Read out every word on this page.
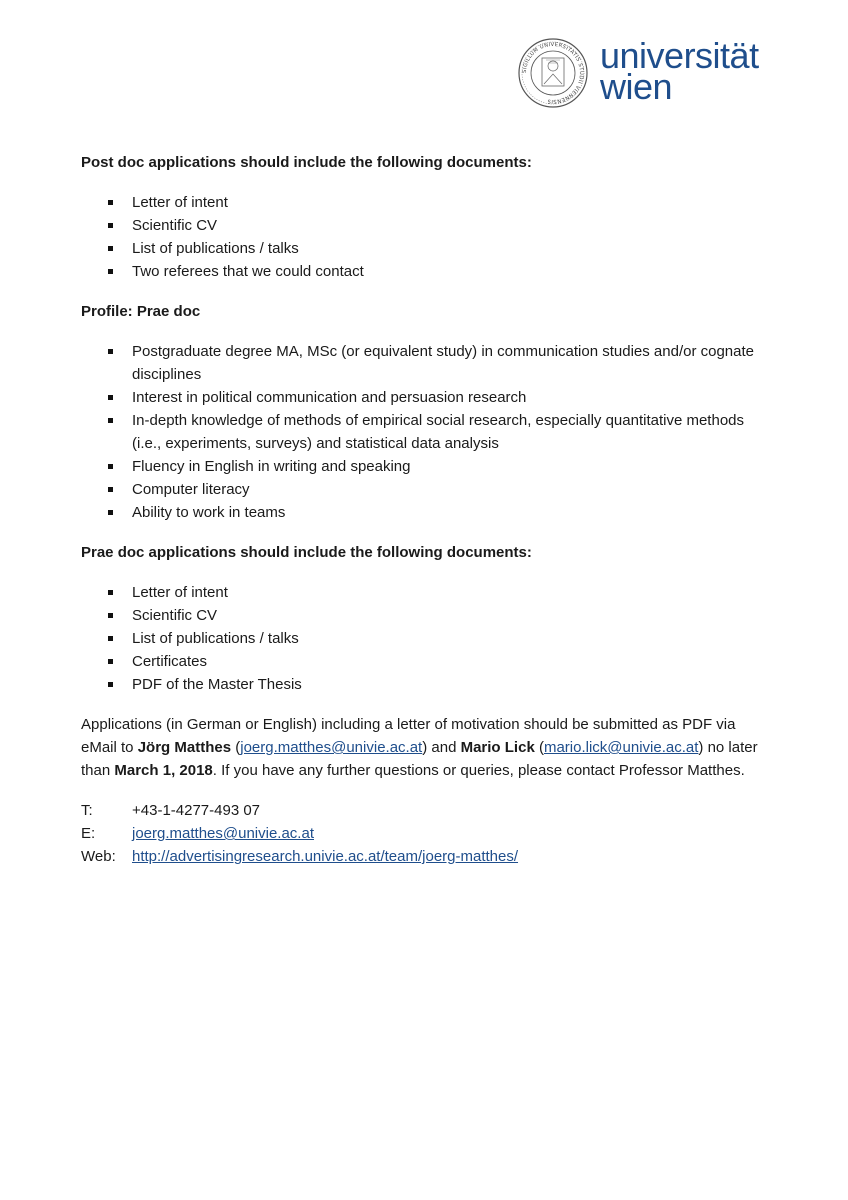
SIGILLUM UNIVERSITATIS STUDII VIENNENSIS
universität
wien
Post doc applications should include the following documents:
Letter of intent
Scientific CV
List of publications / talks
Two referees that we could contact
Profile: Prae doc
Postgraduate degree MA, MSc (or equivalent study) in communication studies and/or cognate disciplines
Interest in political communication and persuasion research
In-depth knowledge of methods of empirical social research, especially quantitative methods (i.e., experiments, surveys) and statistical data analysis
Fluency in English in writing and speaking
Computer literacy
Ability to work in teams
Prae doc applications should include the following documents:
Letter of intent
Scientific CV
List of publications / talks
Certificates
PDF of the Master Thesis

Applications (in German or English) including a letter of motivation should be submitted as PDF via eMail to Jörg Matthes (joerg.matthes@univie.ac.at) and Mario Lick (mario.lick@univie.ac.at) no later than March 1, 2018. If you have any further questions or queries, please contact Professor Matthes.

T:	+43-1-4277-493 07
E:	joerg.matthes@univie.ac.at
Web:	http://advertisingresearch.univie.ac.at/team/joerg-matthes/
